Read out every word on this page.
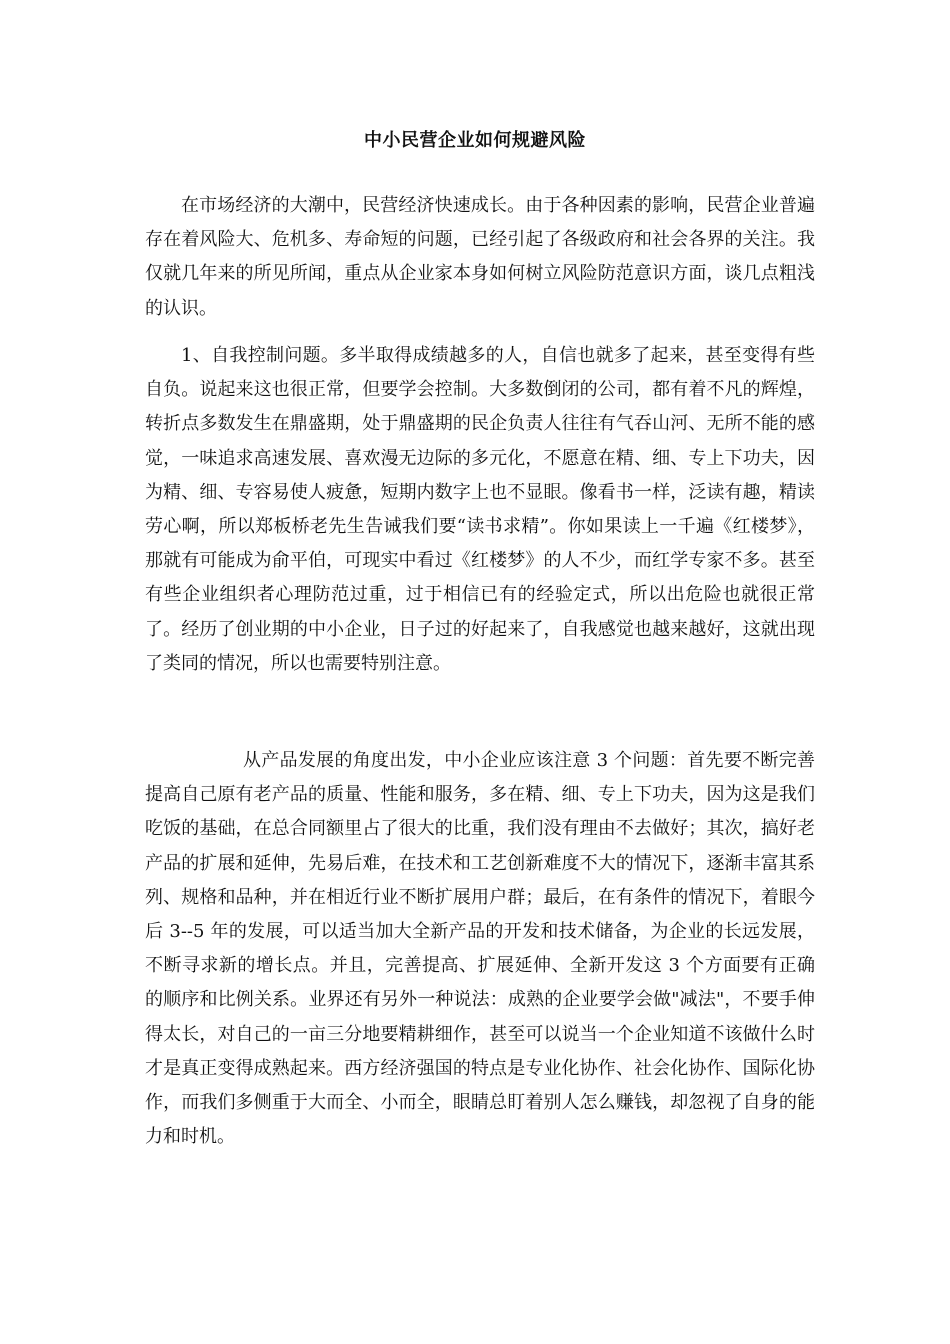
中小民营企业如何规避风险

在市场经济的大潮中，民营经济快速成长。由于各种因素的影响，民营企业普遍存在着风险大、危机多、寿命短的问题，已经引起了各级政府和社会各界的关注。我仅就几年来的所见所闻，重点从企业家本身如何树立风险防范意识方面，谈几点粗浅的认识。

1、自我控制问题。多半取得成绩越多的人，自信也就多了起来，甚至变得有些自负。说起来这也很正常，但要学会控制。大多数倒闭的公司，都有着不凡的辉煌，转折点多数发生在鼎盛期，处于鼎盛期的民企负责人往往有气吞山河、无所不能的感觉，一味追求高速发展、喜欢漫无边际的多元化，不愿意在精、细、专上下功夫，因为精、细、专容易使人疲惫，短期内数字上也不显眼。像看书一样，泛读有趣，精读劳心啊，所以郑板桥老先生告诫我们要“读书求精”。你如果读上一千遍《红楼梦》，那就有可能成为俞平伯，可现实中看过《红楼梦》的人不少，而红学专家不多。甚至有些企业组织者心理防范过重，过于相信已有的经验定式，所以出危险也就很正常了。经历了创业期的中小企业，日子过的好起来了，自我感觉也越来越好，这就出现了类同的情况，所以也需要特别注意。

从产品发展的角度出发，中小企业应该注意 3 个问题：首先要不断完善提高自己原有老产品的质量、性能和服务，多在精、细、专上下功夫，因为这是我们吃饭的基础，在总合同额里占了很大的比重，我们没有理由不去做好；其次，搞好老产品的扩展和延伸，先易后难，在技术和工艺创新难度不大的情况下，逐渐丰富其系列、规格和品种，并在相近行业不断扩展用户群；最后，在有条件的情况下，着眼今后 3--5 年的发展，可以适当加大全新产品的开发和技术储备，为企业的长远发展，不断寻求新的增长点。并且，完善提高、扩展延伸、全新开发这 3 个方面要有正确的顺序和比例关系。业界还有另外一种说法：成熟的企业要学会做"减法"，不要手伸得太长，对自己的一亩三分地要精耕细作，甚至可以说当一个企业知道不该做什么时才是真正变得成熟起来。西方经济强国的特点是专业化协作、社会化协作、国际化协作，而我们多侧重于大而全、小而全，眼睛总盯着别人怎么赚钱，却忽视了自身的能力和时机。
